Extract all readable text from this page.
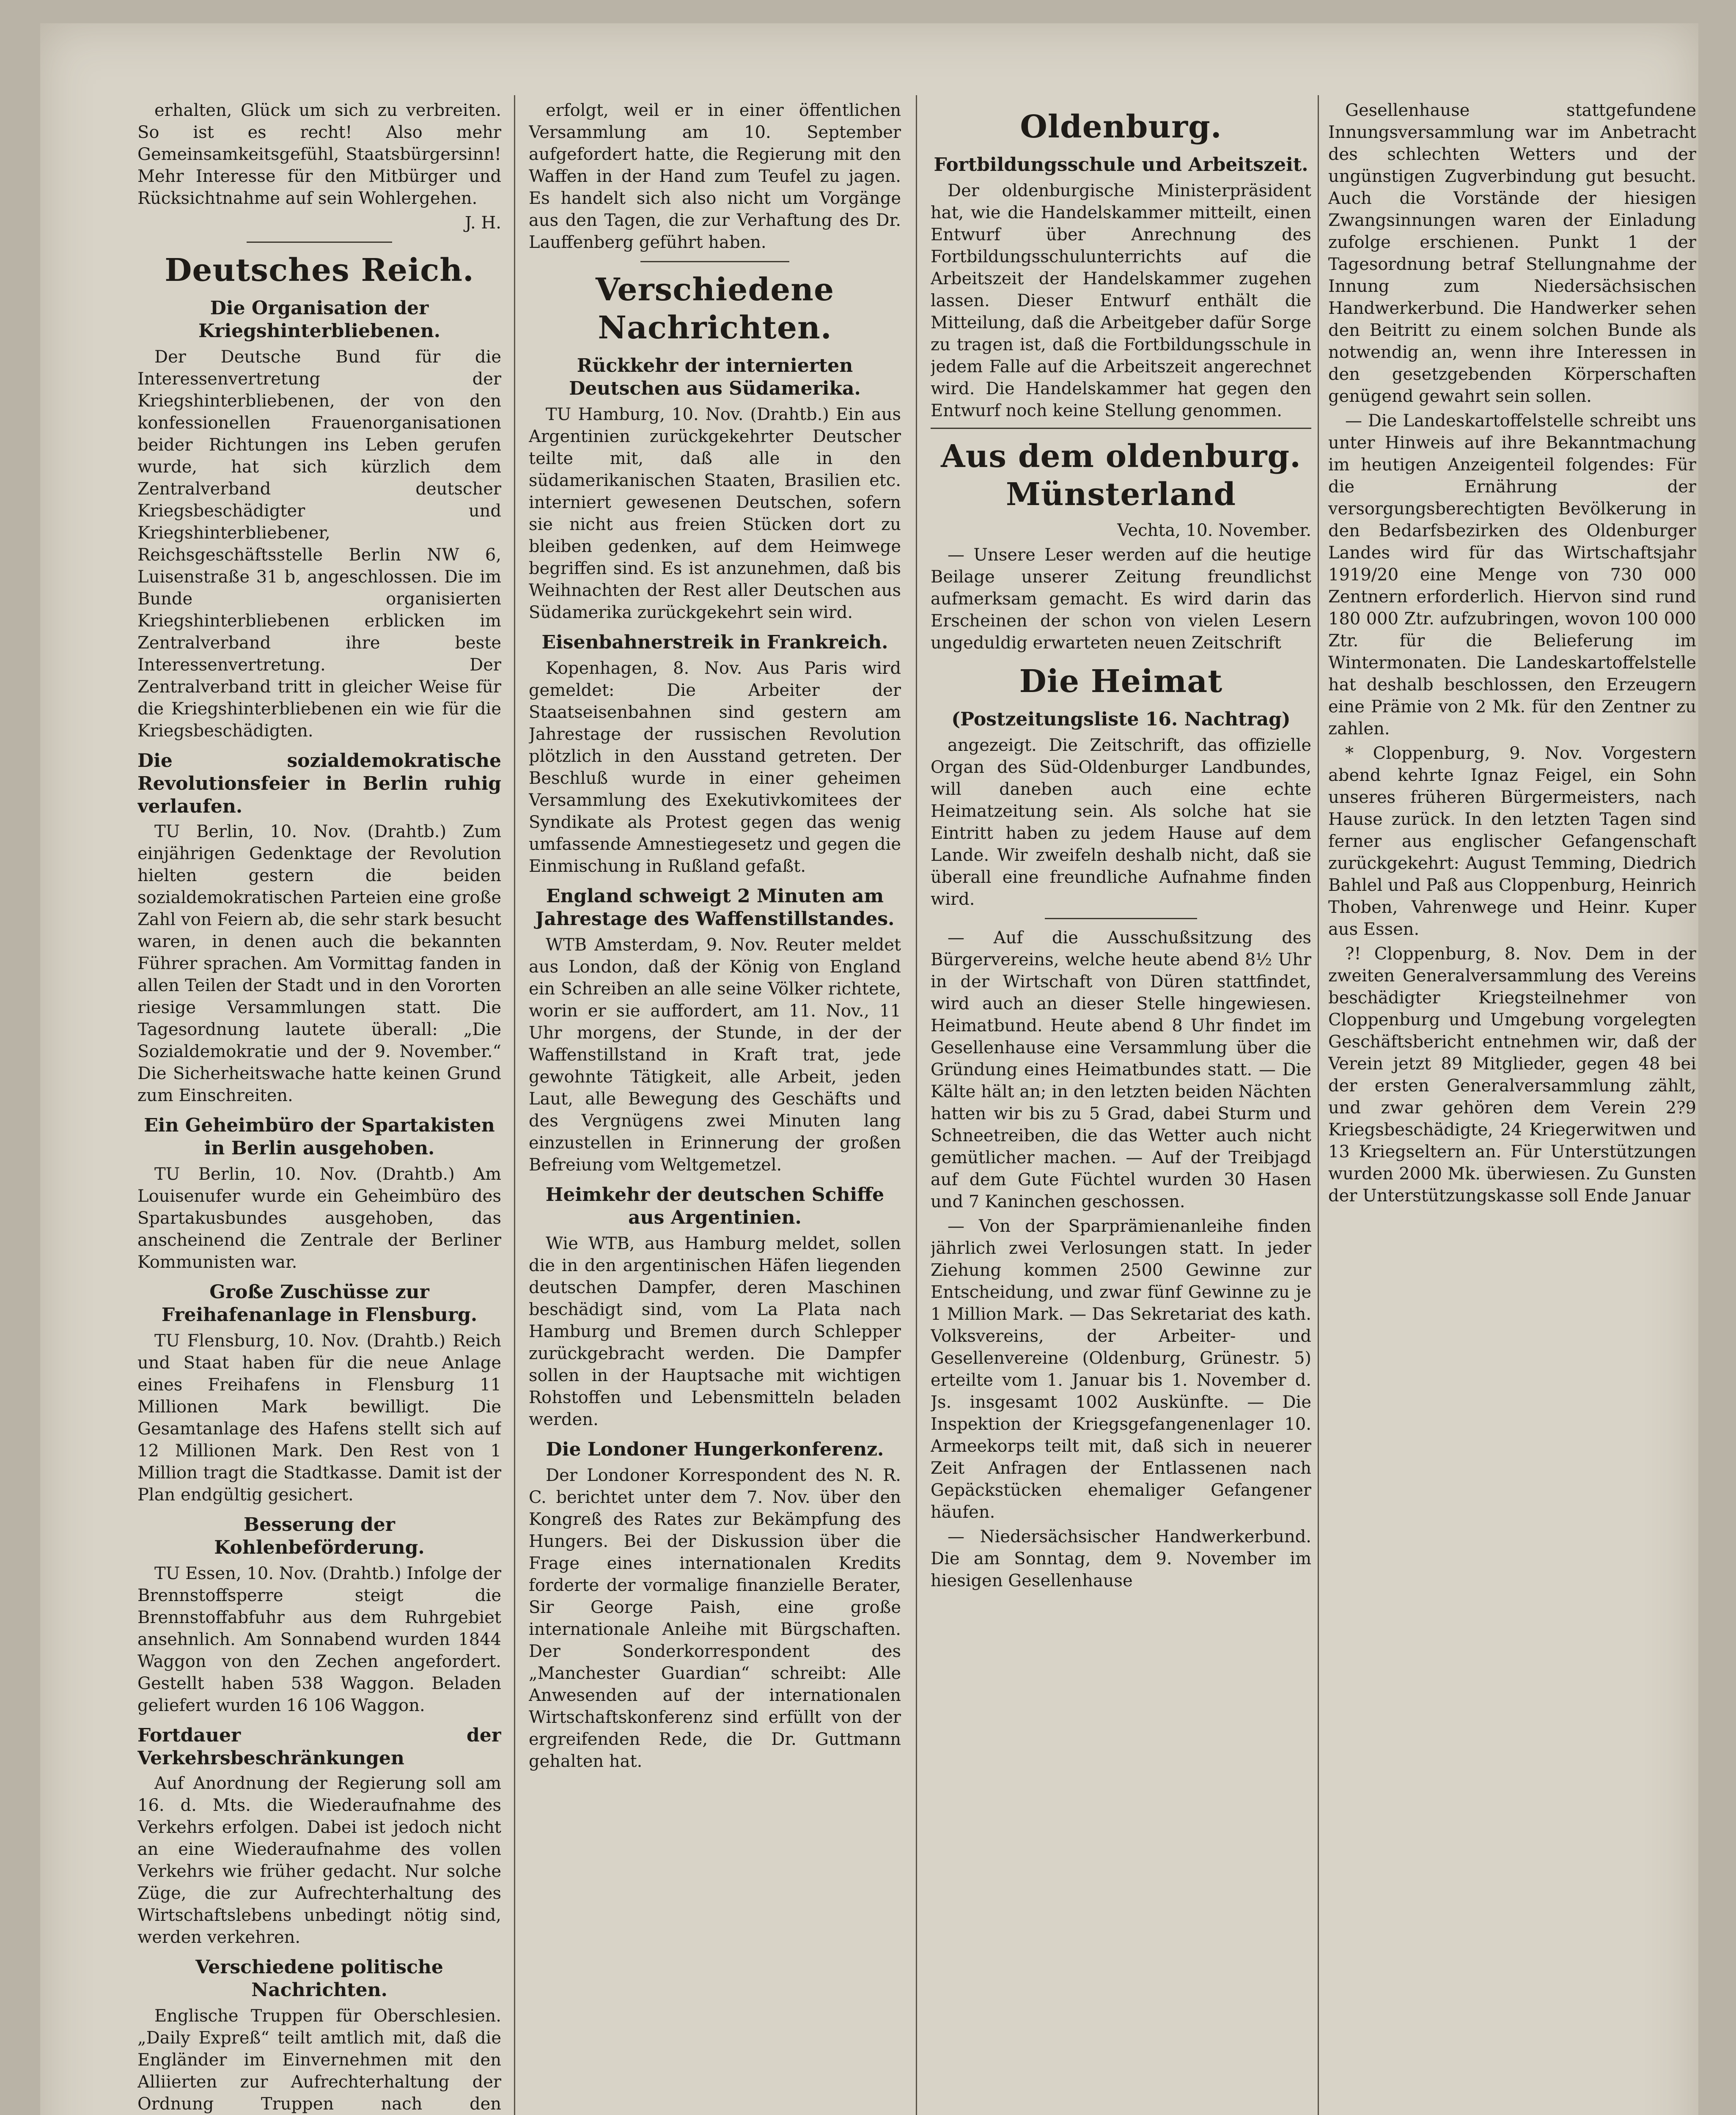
erhalten, Glück um sich zu verbreiten. So ist es recht! Also mehr Gemeinsamkeitsgefühl, Staatsbürgersinn! Mehr Interesse für den Mitbürger und Rücksichtnahme auf sein Wohlergehen.

J. H.

Deutsches Reich.
Die Organisation der Kriegshinterbliebenen.

Der Deutsche Bund für die Interessenvertretung der Kriegshinterbliebenen, der von den konfessionellen Frauenorganisationen beider Richtungen ins Leben gerufen wurde, hat sich kürzlich dem Zentralverband deutscher Kriegsbeschädigter und Kriegshinterbliebener, Reichsgeschäftsstelle Berlin NW 6, Luisenstraße 31 b, angeschlossen. Die im Bunde organisierten Kriegshinterbliebenen erblicken im Zentralverband ihre beste Interessenvertretung. Der Zentralverband tritt in gleicher Weise für die Kriegshinterbliebenen ein wie für die Kriegsbeschädigten.

Die sozialdemokratische Revolutionsfeier in Berlin ruhig verlaufen.

TU Berlin, 10. Nov. (Drahtb.) Zum einjährigen Gedenktage der Revolution hielten gestern die beiden sozialdemokratischen Parteien eine große Zahl von Feiern ab, die sehr stark besucht waren, in denen auch die bekannten Führer sprachen. Am Vormittag fanden in allen Teilen der Stadt und in den Vororten riesige Versammlungen statt. Die Tagesordnung lautete überall: „Die Sozialdemokratie und der 9. November.“ Die Sicherheitswache hatte keinen Grund zum Einschreiten.

Ein Geheimbüro der Spartakisten in Berlin ausgehoben.

TU Berlin, 10. Nov. (Drahtb.) Am Louisenufer wurde ein Geheimbüro des Spartakusbundes ausgehoben, das anscheinend die Zentrale der Berliner Kommunisten war.

Große Zuschüsse zur Freihafenanlage in Flensburg.

TU Flensburg, 10. Nov. (Drahtb.) Reich und Staat haben für die neue Anlage eines Freihafens in Flensburg 11 Millionen Mark bewilligt. Die Gesamtanlage des Hafens stellt sich auf 12 Millionen Mark. Den Rest von 1 Million tragt die Stadtkasse. Damit ist der Plan endgültig gesichert.

Besserung der Kohlenbeförderung.

TU Essen, 10. Nov. (Drahtb.) Infolge der Brennstoffsperre steigt die Brennstoffabfuhr aus dem Ruhrgebiet ansehnlich. Am Sonnabend wurden 1844 Waggon von den Zechen angefordert. Gestellt haben 538 Waggon. Beladen geliefert wurden 16 106 Waggon.

Fortdauer der Verkehrsbeschränkungen

Auf Anordnung der Regierung soll am 16. d. Mts. die Wiederaufnahme des Verkehrs erfolgen. Dabei ist jedoch nicht an eine Wiederaufnahme des vollen Verkehrs wie früher gedacht. Nur solche Züge, die zur Aufrechterhaltung des Wirtschaftslebens unbedingt nötig sind, werden verkehren.

Verschiedene politische Nachrichten.

Englische Truppen für Oberschlesien. „Daily Expreß“ teilt amtlich mit, daß die Engländer im Einvernehmen mit den Alliierten zur Aufrechterhaltung der Ordnung Truppen nach den

erfolgt, weil er in einer öffentlichen Versammlung am 10. September aufgefordert hatte, die Regierung mit den Waffen in der Hand zum Teufel zu jagen. Es handelt sich also nicht um Vorgänge aus den Tagen, die zur Verhaftung des Dr. Lauffenberg geführt haben.

Verschiedene Nachrichten.
Rückkehr der internierten Deutschen aus Südamerika.

TU Hamburg, 10. Nov. (Drahtb.) Ein aus Argentinien zurückgekehrter Deutscher teilte mit, daß alle in den südamerikanischen Staaten, Brasilien etc. interniert gewesenen Deutschen, sofern sie nicht aus freien Stücken dort zu bleiben gedenken, auf dem Heimwege begriffen sind. Es ist anzunehmen, daß bis Weihnachten der Rest aller Deutschen aus Südamerika zurückgekehrt sein wird.

Eisenbahnerstreik in Frankreich.

Kopenhagen, 8. Nov. Aus Paris wird gemeldet: Die Arbeiter der Staatseisenbahnen sind gestern am Jahrestage der russischen Revolution plötzlich in den Ausstand getreten. Der Beschluß wurde in einer geheimen Versammlung des Exekutivkomitees der Syndikate als Protest gegen das wenig umfassende Amnestiegesetz und gegen die Einmischung in Rußland gefaßt.

England schweigt 2 Minuten am Jahrestage des Waffenstillstandes.

WTB Amsterdam, 9. Nov. Reuter meldet aus London, daß der König von England ein Schreiben an alle seine Völker richtete, worin er sie auffordert, am 11. Nov., 11 Uhr morgens, der Stunde, in der der Waffenstillstand in Kraft trat, jede gewohnte Tätigkeit, alle Arbeit, jeden Laut, alle Bewegung des Geschäfts und des Vergnügens zwei Minuten lang einzustellen in Erinnerung der großen Befreiung vom Weltgemetzel.

Heimkehr der deutschen Schiffe aus Argentinien.

Wie WTB, aus Hamburg meldet, sollen die in den argentinischen Häfen liegenden deutschen Dampfer, deren Maschinen beschädigt sind, vom La Plata nach Hamburg und Bremen durch Schlepper zurückgebracht werden. Die Dampfer sollen in der Hauptsache mit wichtigen Rohstoffen und Lebensmitteln beladen werden.

Die Londoner Hungerkonferenz.

Der Londoner Korrespondent des N. R. C. berichtet unter dem 7. Nov. über den Kongreß des Rates zur Bekämpfung des Hungers. Bei der Diskussion über die Frage eines internationalen Kredits forderte der vormalige finanzielle Berater, Sir George Paish, eine große internationale Anleihe mit Bürgschaften. Der Sonderkorrespondent des „Manchester Guardian“ schreibt: Alle Anwesenden auf der internationalen Wirtschaftskonferenz sind erfüllt von der ergreifenden Rede, die Dr. Guttmann gehalten hat.

Oldenburg.
Fortbildungsschule und Arbeitszeit.

Der oldenburgische Ministerpräsident hat, wie die Handelskammer mitteilt, einen Entwurf über Anrechnung des Fortbildungsschulunterrichts auf die Arbeitszeit der Handelskammer zugehen lassen. Dieser Entwurf enthält die Mitteilung, daß die Arbeitgeber dafür Sorge zu tragen ist, daß die Fortbildungsschule in jedem Falle auf die Arbeitszeit angerechnet wird. Die Handelskammer hat gegen den Entwurf noch keine Stellung genommen.

Aus dem oldenburg. Münsterland

Vechta, 10. November.

— Unsere Leser werden auf die heutige Beilage unserer Zeitung freundlichst aufmerksam gemacht. Es wird darin das Erscheinen der schon von vielen Lesern ungeduldig erwarteten neuen Zeitschrift

Die Heimat
(Postzeitungsliste 16. Nachtrag)

angezeigt. Die Zeitschrift, das offizielle Organ des Süd-Oldenburger Landbundes, will daneben auch eine echte Heimatzeitung sein. Als solche hat sie Eintritt haben zu jedem Hause auf dem Lande. Wir zweifeln deshalb nicht, daß sie überall eine freundliche Aufnahme finden wird.

— Auf die Ausschußsitzung des Bürgervereins, welche heute abend 8½ Uhr in der Wirtschaft von Düren stattfindet, wird auch an dieser Stelle hingewiesen. Heimatbund. Heute abend 8 Uhr findet im Gesellenhause eine Versammlung über die Gründung eines Heimatbundes statt. — Die Kälte hält an; in den letzten beiden Nächten hatten wir bis zu 5 Grad, dabei Sturm und Schneetreiben, die das Wetter auch nicht gemütlicher machen. — Auf der Treibjagd auf dem Gute Füchtel wurden 30 Hasen und 7 Kaninchen geschossen.

— Von der Sparprämienanleihe finden jährlich zwei Verlosungen statt. In jeder Ziehung kommen 2500 Gewinne zur Entscheidung, und zwar fünf Gewinne zu je 1 Million Mark. — Das Sekretariat des kath. Volksvereins, der Arbeiter- und Gesellenvereine (Oldenburg, Grünestr. 5) erteilte vom 1. Januar bis 1. November d. Js. insgesamt 1002 Auskünfte. — Die Inspektion der Kriegsgefangenenlager 10. Armeekorps teilt mit, daß sich in neuerer Zeit Anfragen der Entlassenen nach Gepäckstücken ehemaliger Gefangener häufen.

— Niedersächsischer Handwerkerbund. Die am Sonntag, dem 9. November im hiesigen Gesellenhause

Gesellenhause stattgefundene Innungsversammlung war im Anbetracht des schlechten Wetters und der ungünstigen Zugverbindung gut besucht. Auch die Vorstände der hiesigen Zwangsinnungen waren der Einladung zufolge erschienen. Punkt 1 der Tagesordnung betraf Stellungnahme der Innung zum Niedersächsischen Handwerkerbund. Die Handwerker sehen den Beitritt zu einem solchen Bunde als notwendig an, wenn ihre Interessen in den gesetzgebenden Körperschaften genügend gewahrt sein sollen.

— Die Landeskartoffelstelle schreibt uns unter Hinweis auf ihre Bekanntmachung im heutigen Anzeigenteil folgendes: Für die Ernährung der versorgungsberechtigten Bevölkerung in den Bedarfsbezirken des Oldenburger Landes wird für das Wirtschaftsjahr 1919/20 eine Menge von 730 000 Zentnern erforderlich. Hiervon sind rund 180 000 Ztr. aufzubringen, wovon 100 000 Ztr. für die Belieferung im Wintermonaten. Die Landeskartoffelstelle hat deshalb beschlossen, den Erzeugern eine Prämie von 2 Mk. für den Zentner zu zahlen.

* Cloppenburg, 9. Nov. Vorgestern abend kehrte Ignaz Feigel, ein Sohn unseres früheren Bürgermeisters, nach Hause zurück. In den letzten Tagen sind ferner aus englischer Gefangenschaft zurückgekehrt: August Temming, Diedrich Bahlel und Paß aus Cloppenburg, Heinrich Thoben, Vahrenwege und Heinr. Kuper aus Essen.

?! Cloppenburg, 8. Nov. Dem in der zweiten Generalversammlung des Vereins beschädigter Kriegsteilnehmer von Cloppenburg und Umgebung vorgelegten Geschäftsbericht entnehmen wir, daß der Verein jetzt 89 Mitglieder, gegen 48 bei der ersten Generalversammlung zählt, und zwar gehören dem Verein 2?9 Kriegsbeschädigte, 24 Kriegerwitwen und 13 Kriegseltern an. Für Unterstützungen wurden 2000 Mk. überwiesen. Zu Gunsten der Unterstützungskasse soll Ende Januar
